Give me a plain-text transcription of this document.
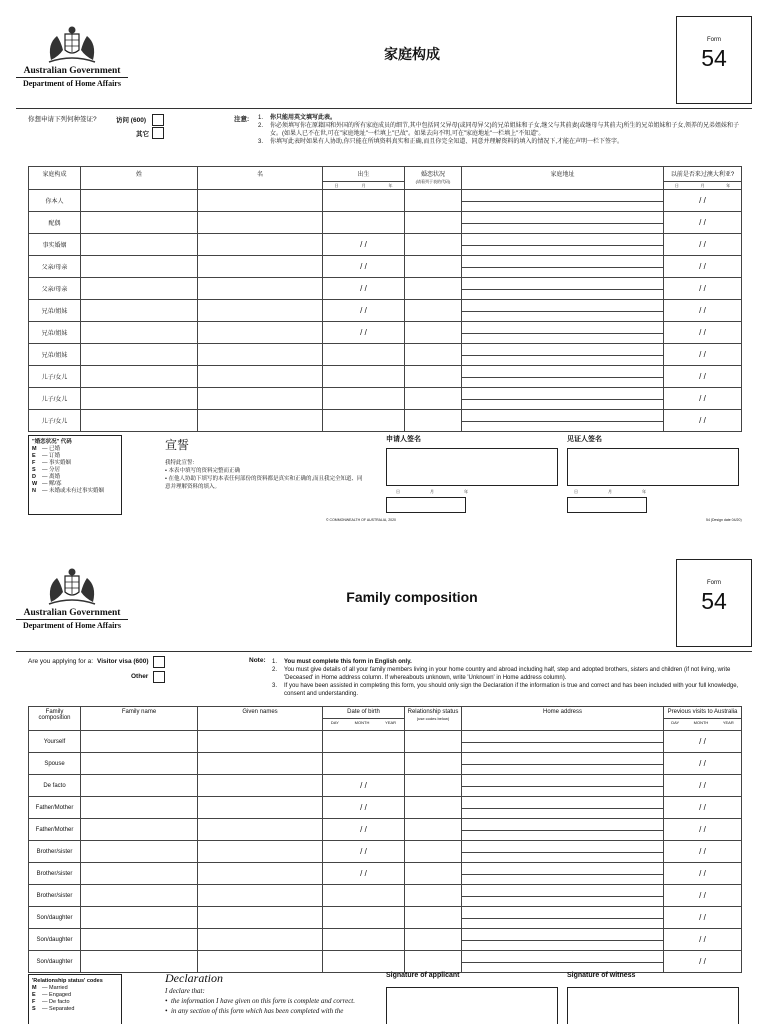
Australian Government
Department of Home Affairs
家庭构成
Form
54
你想申请下列何种签证?	访问 (600)
其它
注意: 1.	你只能用英文填写此表。
2.	你必须填写你在原籍国和外国的所有家庭成员的细节,其中包括同父异母(或同母异父)的兄弟姐妹和子女,继父与其前妻(或继母与其前夫)所生的兄弟姐妹和子女,领养的兄弟姐妹和子女。(如果人已不在世,可在"家庭地址"一栏填上"已故"。如果去向不明,可在"家庭地址"一栏填上"不知道"。
3.	你填写此表时如果有人协助,你只能在所填资料真实和正确,而且你完全知道、同意并理解资料的填入的情况下,才能在声明一栏下签字。
家庭构成	姓	名	出生
日 月 年	婚恋状况
(请看列于表的代码)	家庭地址	以前是否来过澳大利亚?
日 月 年

你本人						/ /
配偶						/ /
事实婚姻			/ /			/ /
父亲/母亲			/ /			/ /
父亲/母亲			/ /			/ /
兄弟/姐妹			/ /			/ /
兄弟/姐妹			/ /			/ /
兄弟/姐妹						/ /
儿子/女儿						/ /
儿子/女儿						/ /
儿子/女儿						/ /
"婚恋状况" 代码
M — 已婚
E	— 订婚
F	— 事实婚姻
S	— 分居
D	— 离婚
W — 鳏/寡
N	— 未婚或未有过事实婚姻
宣誓
我特此宣誓:
• 本表中填写的资料完整而正确
• 在他人协助下填写的本表任何部份的资料都是真实和正确的,而且我完全知道、同意并理解资料的填入。
申请人签名
日	月	年
见证人签名
日	月	年
© COMMONWEALTH OF AUSTRALIA, 2020	54 (Design date 04/20)
Australian Government
Department of Home Affairs
Family composition
Form
54
Are you applying for a: Visitor visa (600)
Other
Note: 1.	You must complete this form in English only.
2.	You must give details of all your family members living in your home country and abroad including half, step and adopted brothers, sisters and children (if not living, write 'Deceased' in Home address column. If whereabouts unknown, write 'Unknown' in Home address column).
3.	If you have been assisted in completing this form, you should only sign the Declaration if the information is true and correct and has been included with your full knowledge, consent and understanding.
Family composition	Family name	Given names	Date of birth
DAY MONTH YEAR	Relationship status
(use codes below)	Home address	Previous visits to Australia
DAY MONTH YEAR

Yourself						/ /
Spouse						/ /
De facto			/ /			/ /
Father/Mother			/ /			/ /
Father/Mother			/ /			/ /
Brother/sister			/ /			/ /
Brother/sister			/ /			/ /
Brother/sister						/ /
Son/daughter						/ /
Son/daughter						/ /
Son/daughter						/ /
'Relationship status' codes
M — Married
E	— Engaged
F	— De facto
S	— Separated
Declaration
I declare that:
•  the information I have given on this form is complete and correct.
•  in any section of this form which has been completed with the
Signature of applicant	Signature of witness
